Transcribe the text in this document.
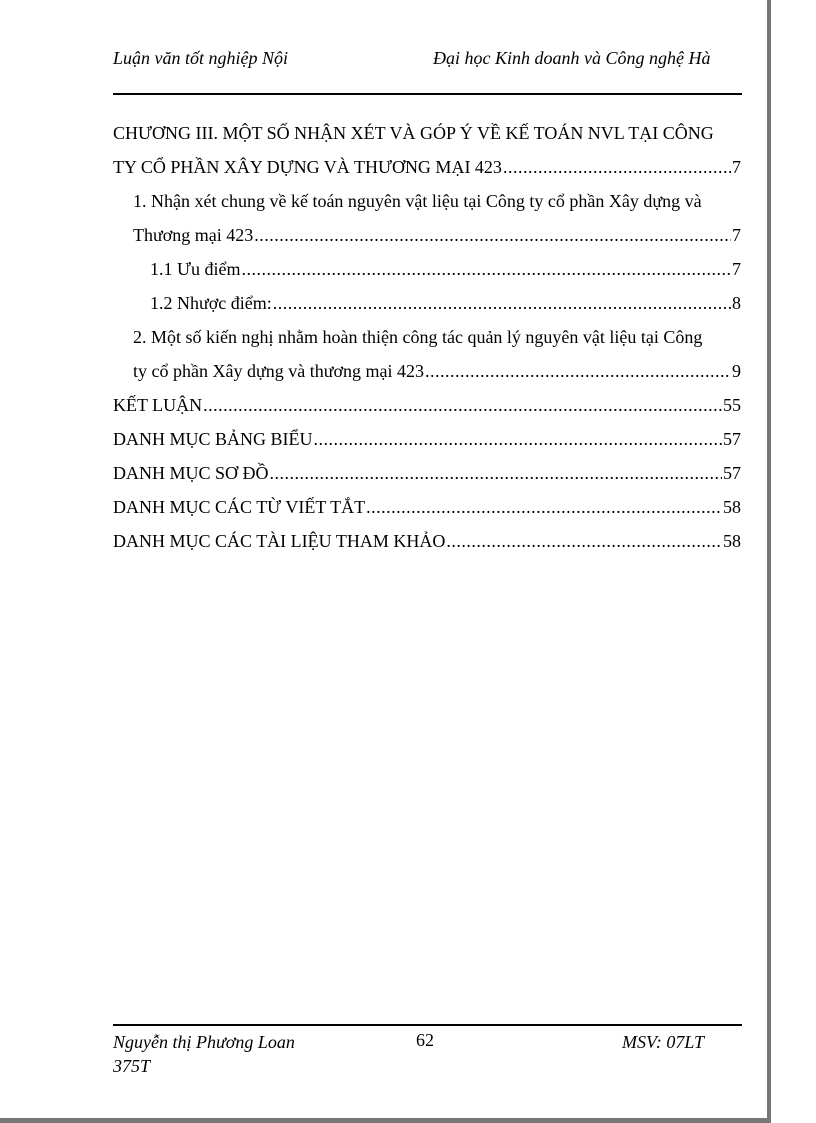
Luận văn tốt nghiệp Nội	Đại học Kinh doanh và Công nghệ Hà
CHƯƠNG III. MỘT SỐ NHẬN XÉT VÀ GÓP Ý VỀ KẾ TOÁN NVL TẠI CÔNG
TY CỔ PHẦN XÂY DỰNG VÀ THƯƠNG MẠI 423 .....	7
1. Nhận xét chung về kế toán nguyên vật liệu tại Công ty cổ phần Xây dựng và
Thương mại 423 .....	7
1.1 Ưu điểm .....	7
1.2 Nhược điểm: .....	8
2. Một số kiến nghị nhằm hoàn thiện công tác quản lý nguyên vật liệu tại Công
ty cổ phần Xây dựng và thương mại 423 .....	9
KẾT LUẬN .....	55
DANH MỤC BẢNG BIỂU .....	57
DANH MỤC SƠ ĐỒ .....	57
DANH MỤC CÁC TỪ VIẾT TẮT .....	58
DANH MỤC CÁC TÀI LIỆU THAM KHẢO .....	58
Nguyễn thị Phương Loan 375T
62	MSV: 07LT
